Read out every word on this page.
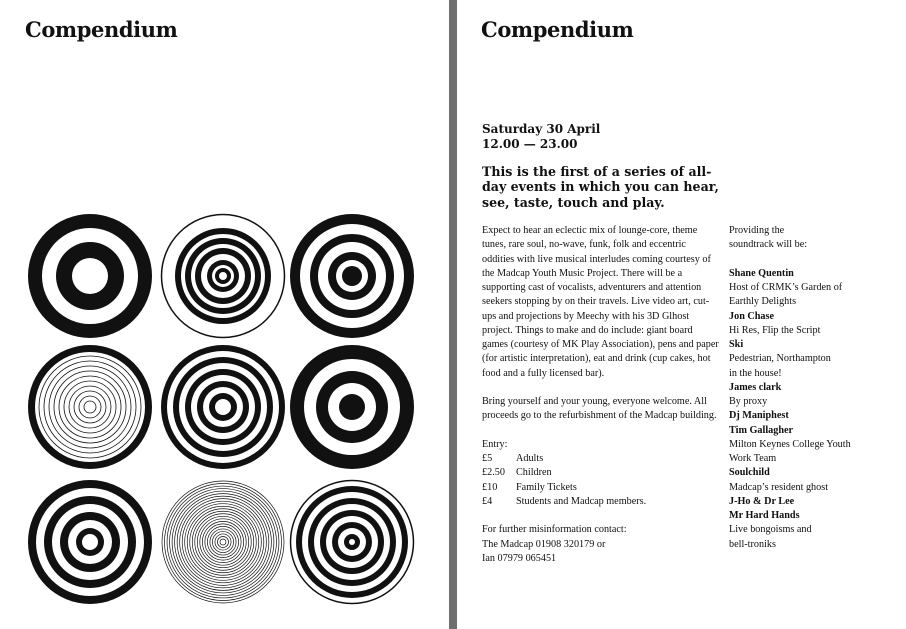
Compendium	Compendium
Saturday 30 April
12.00 — 23.00
This is the first of a series of all-day events in which you can hear, see, taste, touch and play.

Expect to hear an eclectic mix of lounge-core, theme tunes, rare soul, no-wave, funk, folk and eccentric oddities with live musical interludes coming courtesy of the Madcap Youth Music Project. There will be a supporting cast of vocalists, adventurers and attention seekers stopping by on their travels. Live video art, cut-ups and projections by Meechy with his 3D Glhost project. Things to make and do include: giant board games (courtesy of MK Play Association), pens and paper (for artistic interpretation), eat and drink (cup cakes, hot food and a fully licensed bar).

Bring yourself and your young, everyone welcome. All proceeds go to the refurbishment of the Madcap building.

Entry:

£5	Adults
£2.50	Children
£10	Family Tickets
£4	Students and Madcap members.

For further misinformation contact:

The Madcap 01908 320179 or

Ian 07979 065451

Providing the

soundtrack will be:

Shane Quentin

Host of CRMK’s Garden of

Earthly Delights

Jon Chase

Hi Res, Flip the Script

Ski

Pedestrian, Northampton

in the house!

James clark

By proxy

Dj Maniphest

Tim Gallagher

Milton Keynes College Youth

Work Team

Soulchild

Madcap’s resident ghost

J-Ho & Dr Lee

Mr Hard Hands

Live bongoisms and

bell-troniks
